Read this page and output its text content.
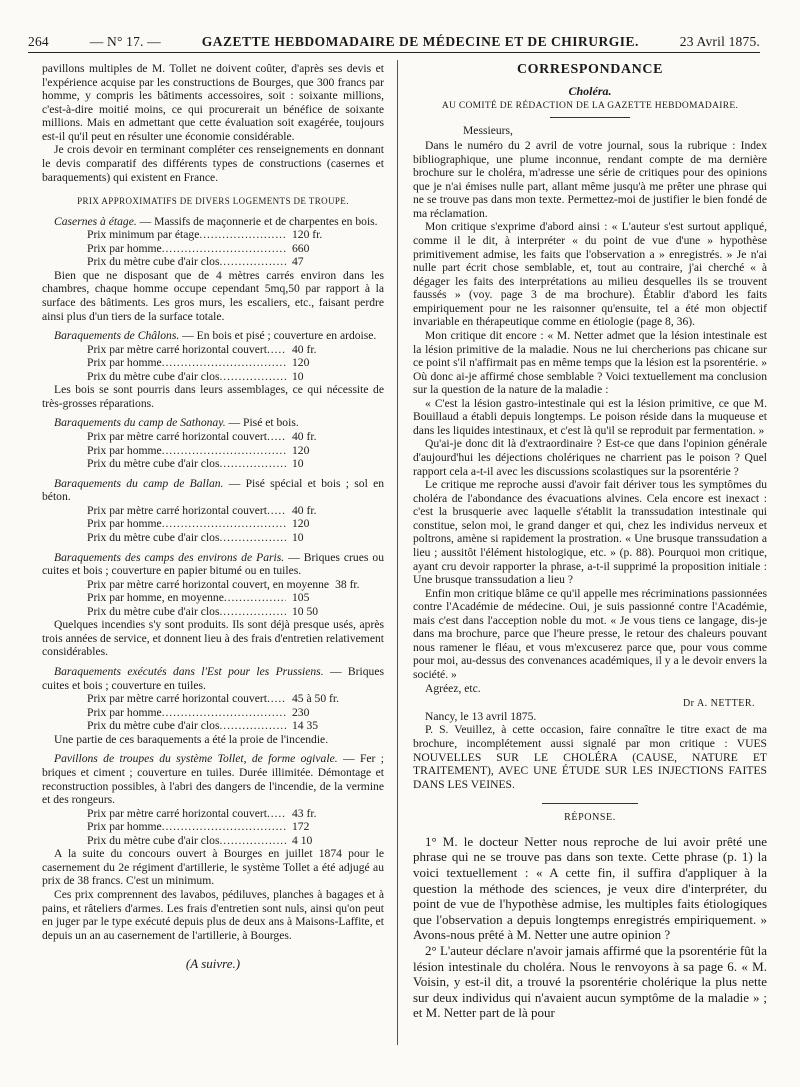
264	— N° 17. —	GAZETTE HEBDOMADAIRE DE MÉDECINE ET DE CHIRURGIE.	23 Avril 1875.

pavillons multiples de M. Tollet ne doivent coûter, d'après ses devis et l'expérience acquise par les constructions de Bourges, que 300 francs par homme, y compris les bâtiments accessoires, soit : soixante millions, c'est-à-dire moitié moins, ce qui procurerait un bénéfice de soixante millions. Mais en admettant que cette évaluation soit exagérée, toujours est-il qu'il peut en résulter une économie considérable.

Je crois devoir en terminant compléter ces renseignements en donnant le devis comparatif des différents types de constructions (casernes et baraquements) qui existent en France.

PRIX APPROXIMATIFS DE DIVERS LOGEMENTS DE TROUPE.

Casernes à étage. — Massifs de maçonnerie et de charpentes en bois.

Prix minimum par étage . . .	120 fr.
Prix par homme . . .	660
Prix du mètre cube d'air clos . . .	47

Bien que ne disposant que de 4 mètres carrés environ dans les chambres, chaque homme occupe cependant 5mq,50 par rapport à la surface des bâtiments. Les gros murs, les escaliers, etc., faisant perdre ainsi plus d'un tiers de la surface totale.

Baraquements de Châlons. — En bois et pisé ; couverture en ardoise.

Prix par mètre carré horizontal couvert . . .	40 fr.
Prix par homme . . .	120
Prix du mètre cube d'air clos . . .	10

Les bois se sont pourris dans leurs assemblages, ce qui nécessite de très-grosses réparations.

Baraquements du camp de Sathonay. — Pisé et bois.

Prix par mètre carré horizontal couvert . . .	40 fr.
Prix par homme . . .	120
Prix du mètre cube d'air clos . . .	10

Baraquements du camp de Ballan. — Pisé spécial et bois ; sol en béton.

Prix par mètre carré horizontal couvert . . .	40 fr.
Prix par homme . . .	120
Prix du mètre cube d'air clos . . .	10

Baraquements des camps des environs de Paris. — Briques crues ou cuites et bois ; couverture en papier bitumé ou en tuiles.

Prix par mètre carré horizontal couvert, en moyenne 38 fr.
Prix par homme, en moyenne . . .	105
Prix du mètre cube d'air clos . . .	10 50

Quelques incendies s'y sont produits. Ils sont déjà presque usés, après trois années de service, et donnent lieu à des frais d'entretien relativement considérables.

Baraquements exécutés dans l'Est pour les Prussiens. — Briques cuites et bois ; couverture en tuiles.

Prix par mètre carré horizontal couvert . . .	45 à 50 fr.
Prix par homme . . .	230
Prix du mètre cube d'air clos . . .	14 35

Une partie de ces baraquements a été la proie de l'incendie.

Pavillons de troupes du système Tollet, de forme ogivale. — Fer ; briques et ciment ; couverture en tuiles. Durée illimitée. Démontage et reconstruction possibles, à l'abri des dangers de l'incendie, de la vermine et des rongeurs.

Prix par mètre carré horizontal couvert . . .	43 fr.
Prix par homme . . .	172
Prix du mètre cube d'air clos . . .	4 10

A la suite du concours ouvert à Bourges en juillet 1874 pour le casernement du 2e régiment d'artillerie, le système Tollet a été adjugé au prix de 38 francs. C'est un minimum.

Ces prix comprennent des lavabos, pédiluves, planches à bagages et à pains, et râteliers d'armes. Les frais d'entretien sont nuls, ainsi qu'on peut en juger par le type exécuté depuis plus de deux ans à Maisons-Laffite, et depuis un an au casernement de l'artillerie, à Bourges.

(A suivre.)
CORRESPONDANCE
Choléra.
AU COMITÉ DE RÉDACTION DE LA GAZETTE HEBDOMADAIRE.

Messieurs,

Dans le numéro du 2 avril de votre journal, sous la rubrique : Index bibliographique, une plume inconnue, rendant compte de ma dernière brochure sur le choléra, m'adresse une série de critiques pour des opinions que je n'ai émises nulle part, allant même jusqu'à me prêter une phrase qui ne se trouve pas dans mon texte. Permettez-moi de justifier le bien fondé de ma réclamation.

Mon critique s'exprime d'abord ainsi : « L'auteur s'est surtout appliqué, comme il le dit, à interpréter « du point de vue d'une » hypothèse primitivement admise, les faits que l'observation a » enregistrés. » Je n'ai nulle part écrit chose semblable, et, tout au contraire, j'ai cherché « à dégager les faits des interprétations au milieu desquelles ils se trouvent faussés » (voy. page 3 de ma brochure). Établir d'abord les faits empiriquement pour ne les raisonner qu'ensuite, tel a été mon objectif invariable en thérapeutique comme en étiologie (page 8, 36).

Mon critique dit encore : « M. Netter admet que la lésion intestinale est la lésion primitive de la maladie. Nous ne lui chercherions pas chicane sur ce point s'il n'affirmait pas en même temps que la lésion est la psorentérie. » Où donc ai-je affirmé chose semblable ? Voici textuellement ma conclusion sur la question de la nature de la maladie :

« C'est la lésion gastro-intestinale qui est la lésion primitive, ce que M. Bouillaud a établi depuis longtemps. Le poison réside dans la muqueuse et dans les liquides intestinaux, et c'est là qu'il se reproduit par fermentation. »

Qu'ai-je donc dit là d'extraordinaire ? Est-ce que dans l'opinion générale d'aujourd'hui les déjections cholériques ne charrient pas le poison ? Quel rapport cela a-t-il avec les discussions scolastiques sur la psorentérie ?

Le critique me reproche aussi d'avoir fait dériver tous les symptômes du choléra de l'abondance des évacuations alvines. Cela encore est inexact : c'est la brusquerie avec laquelle s'établit la transsudation intestinale qui constitue, selon moi, le grand danger et qui, chez les individus nerveux et poltrons, amène si rapidement la prostration. « Une brusque transsudation a lieu ; aussitôt l'élément histologique, etc. » (p. 88). Pourquoi mon critique, ayant cru devoir rapporter la phrase, a-t-il supprimé la proposition initiale : Une brusque transsudation a lieu ?

Enfin mon critique blâme ce qu'il appelle mes récriminations passionnées contre l'Académie de médecine. Oui, je suis passionné contre l'Académie, mais c'est dans l'acception noble du mot. « Je vous tiens ce langage, dis-je dans ma brochure, parce que l'heure presse, le retour des chaleurs pouvant nous ramener le fléau, et vous m'excuserez parce que, pour vous comme pour moi, au-dessus des convenances académiques, il y a le devoir envers la société. »

Agréez, etc.

Dr A. NETTER.

Nancy, le 13 avril 1875.

P. S. Veuillez, à cette occasion, faire connaître le titre exact de ma brochure, incomplétement aussi signalé par mon critique : VUES NOUVELLES SUR LE CHOLÉRA (CAUSE, NATURE ET TRAITEMENT), AVEC UNE ÉTUDE SUR LES INJECTIONS FAITES DANS LES VEINES.

RÉPONSE.

1° M. le docteur Netter nous reproche de lui avoir prêté une phrase qui ne se trouve pas dans son texte. Cette phrase (p. 1) la voici textuellement : « A cette fin, il suffira d'appliquer à la question la méthode des sciences, je veux dire d'interpréter, du point de vue de l'hypothèse admise, les multiples faits étiologiques que l'observation a depuis longtemps enregistrés empiriquement. » Avons-nous prêté à M. Netter une autre opinion ?

2° L'auteur déclare n'avoir jamais affirmé que la psorentérie fût la lésion intestinale du choléra. Nous le renvoyons à sa page 6. « M. Voisin, y est-il dit, a trouvé la psorentérie cholérique la plus nette sur deux individus qui n'avaient aucun symptôme de la maladie » ; et M. Netter part de là pour
